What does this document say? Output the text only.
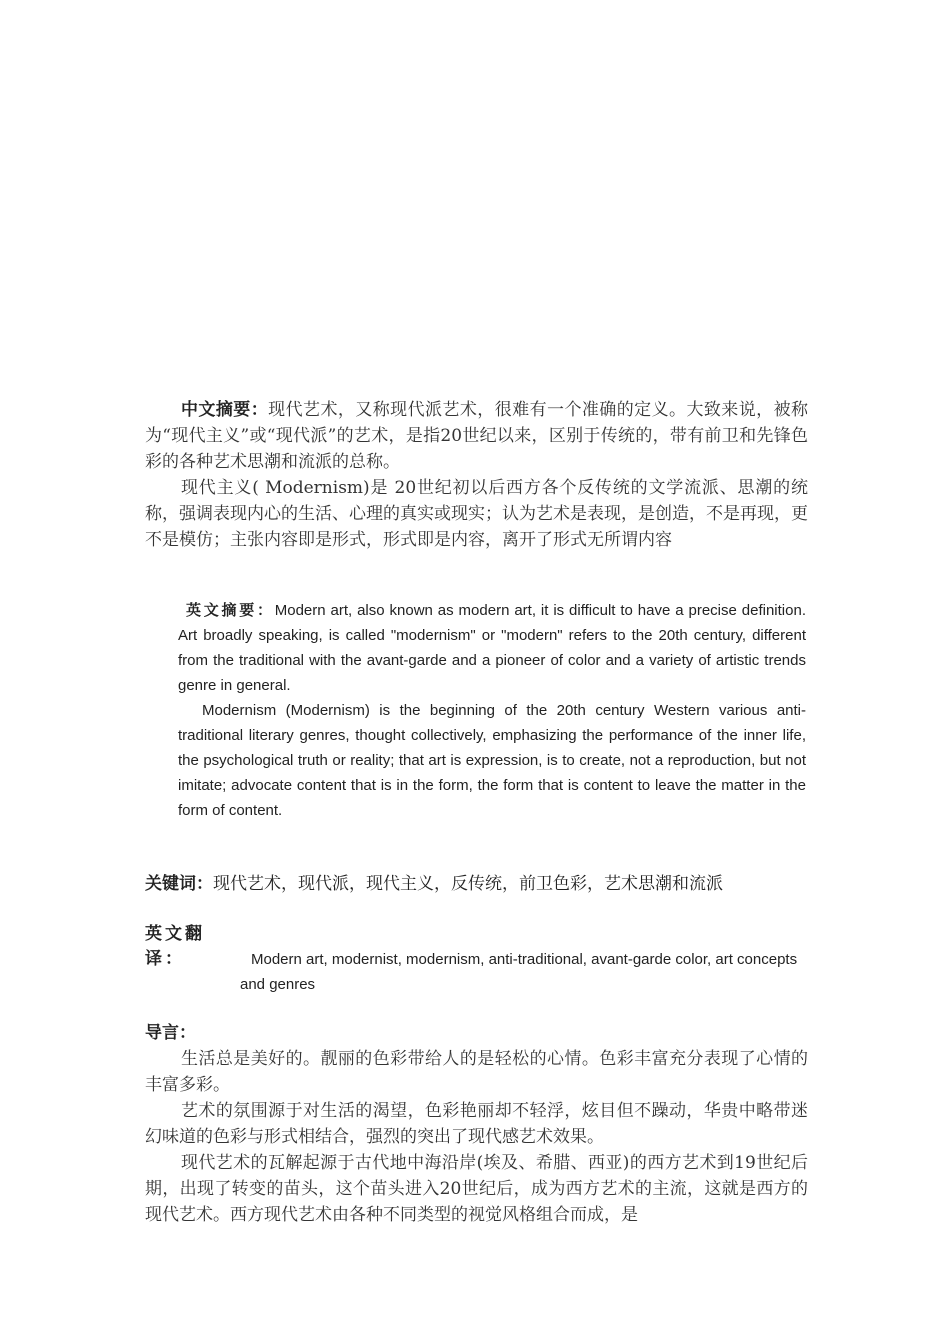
中文摘要：现代艺术，又称现代派艺术，很难有一个准确的定义。大致来说，被称为“现代主义”或“现代派”的艺术，是指20世纪以来，区别于传统的，带有前卫和先锋色彩的各种艺术思潮和流派的总称。

现代主义( Modernism)是 20世纪初以后西方各个反传统的文学流派、思潮的统称，强调表现内心的生活、心理的真实或现实；认为艺术是表现，是创造，不是再现，更不是模仿；主张内容即是形式，形式即是内容，离开了形式无所谓内容

英文摘要：Modern art, also known as modern art, it is difficult to have a precise definition. Art broadly speaking, is called "modernism" or "modern" refers to the 20th century, different from the traditional with the avant-garde and a pioneer of color and a variety of artistic trends genre in general.

Modernism (Modernism) is the beginning of the 20th century Western various anti-traditional literary genres, thought collectively, emphasizing the performance of the inner life, the psychological truth or reality; that art is expression, is to create, not a reproduction, but not imitate; advocate content that is in the form, the form that is content to leave the matter in the form of content.

关键词：现代艺术，现代派，现代主义，反传统，前卫色彩，艺术思潮和流派

英文翻译：	Modern art, modernist, modernism, anti-traditional, avant-garde color, art concepts and genres
导言：

生活总是美好的。靓丽的色彩带给人的是轻松的心情。色彩丰富充分表现了心情的丰富多彩。

艺术的氛围源于对生活的渴望，色彩艳丽却不轻浮，炫目但不躁动，华贵中略带迷幻味道的色彩与形式相结合，强烈的突出了现代感艺术效果。

现代艺术的瓦解起源于古代地中海沿岸(埃及、希腊、西亚)的西方艺术到19世纪后期，出现了转变的苗头，这个苗头进入20世纪后，成为西方艺术的主流，这就是西方的现代艺术。西方现代艺术由各种不同类型的视觉风格组合而成，是
